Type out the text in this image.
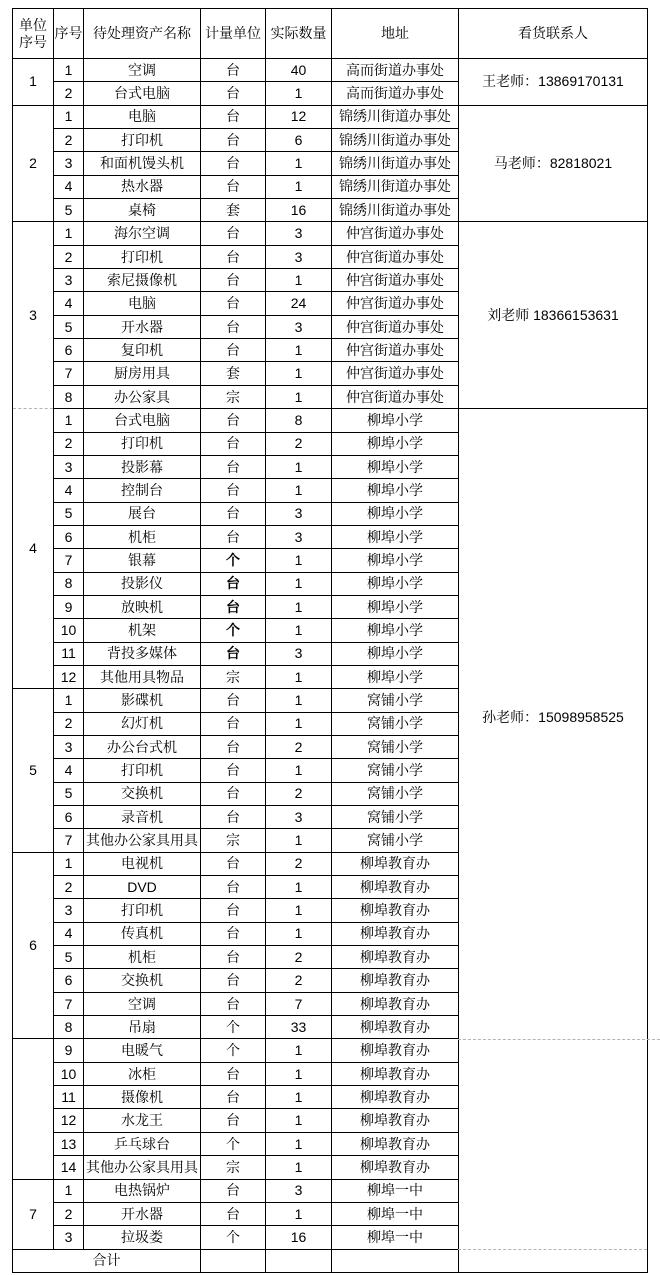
单位序号	序号	待处理资产名称	计量单位	实际数量	地址	看货联系人
1	1	空调	台	40	高而街道办事处	王老师：13869170131
	2	台式电脑	台	1	高而街道办事处	
2	1	电脑	台	12	锦绣川街道办事处	马老师：82818021
	2	打印机	台	6	锦绣川街道办事处	
	3	和面机馒头机	台	1	锦绣川街道办事处	
	4	热水器	台	1	锦绣川街道办事处	
	5	桌椅	套	16	锦绣川街道办事处	
3	1	海尔空调	台	3	仲宫街道办事处	刘老师 18366153631
	2	打印机	台	3	仲宫街道办事处	
	3	索尼摄像机	台	1	仲宫街道办事处	
	4	电脑	台	24	仲宫街道办事处	
	5	开水器	台	3	仲宫街道办事处	
	6	复印机	台	1	仲宫街道办事处	
	7	厨房用具	套	1	仲宫街道办事处	
	8	办公家具	宗	1	仲宫街道办事处	
4	1	台式电脑	台	8	柳埠小学	孙老师：15098958525

	2	打印机	台	2	柳埠小学	
	3	投影幕	台	1	柳埠小学	
	4	控制台	台	1	柳埠小学	
	5	展台	台	3	柳埠小学	
	6	机柜	台	3	柳埠小学	
	7	银幕	个	1	柳埠小学	
	8	投影仪	台	1	柳埠小学	
	9	放映机	台	1	柳埠小学	
	10	机架	个	1	柳埠小学	
	11	背投多媒体	台	3	柳埠小学	
	12	其他用具物品	宗	1	柳埠小学	
5	1	影碟机	台	1	窝铺小学	
	2	幻灯机	台	1	窝铺小学	
	3	办公台式机	台	2	窝铺小学	
	4	打印机	台	1	窝铺小学	
	5	交换机	台	2	窝铺小学	
	6	录音机	台	3	窝铺小学	
	7	其他办公家具用具	宗	1	窝铺小学	
6	1	电视机	台	2	柳埠教育办	
	2	DVD	台	1	柳埠教育办	
	3	打印机	台	1	柳埠教育办	
	4	传真机	台	1	柳埠教育办	
	5	机柜	台	2	柳埠教育办	
	6	交换机	台	2	柳埠教育办	
	7	空调	台	7	柳埠教育办	
	8	吊扇	个	33	柳埠教育办	
	9	电暖气	个	1	柳埠教育办	
	10	冰柜	台	1	柳埠教育办	
	11	摄像机	台	1	柳埠教育办	
	12	水龙王	台	1	柳埠教育办	
	13	乒乓球台	个	1	柳埠教育办	
	14	其他办公家具用具	宗	1	柳埠教育办	
7	1	电热锅炉	台	3	柳埠一中	
	2	开水器	台	1	柳埠一中	
	3	拉圾娄	个	16	柳埠一中	
合计						
